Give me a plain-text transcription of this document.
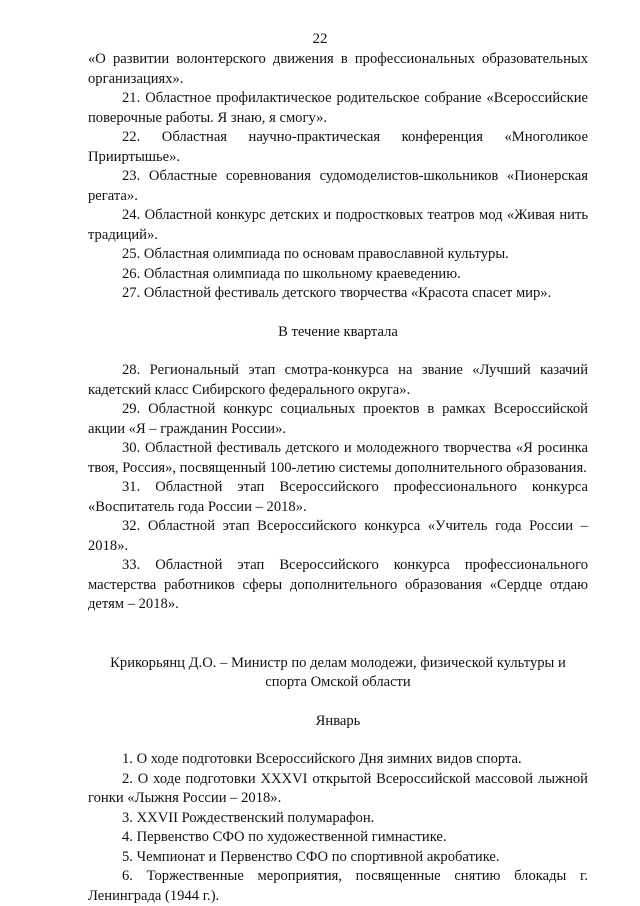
22

«О развитии волонтерского движения в профессиональных образовательных организациях».

21. Областное профилактическое родительское собрание «Всероссийские поверочные работы. Я знаю, я смогу».

22. Областная научно-практическая конференция «Многоликое Прииртышье».

23. Областные соревнования судомоделистов-школьников «Пионерская регата».

24. Областной конкурс детских и подростковых театров мод «Живая нить традиций».

25. Областная олимпиада по основам православной культуры.

26. Областная олимпиада по школьному краеведению.

27. Областной фестиваль детского творчества «Красота спасет мир».

В течение квартала

28. Региональный этап смотра-конкурса на звание «Лучший казачий кадетский класс Сибирского федерального округа».

29. Областной конкурс социальных проектов в рамках Всероссийской акции «Я – гражданин России».

30. Областной фестиваль детского и молодежного творчества «Я росинка твоя, Россия», посвященный 100-летию системы дополнительного образования.

31. Областной этап Всероссийского профессионального конкурса «Воспитатель года России – 2018».

32. Областной этап Всероссийского конкурса «Учитель года России – 2018».

33. Областной этап Всероссийского конкурса профессионального мастерства работников сферы дополнительного образования «Сердце отдаю детям – 2018».

Крикорьянц Д.О. – Министр по делам молодежи, физической культуры и

спорта Омской области

Январь

1. О ходе подготовки Всероссийского Дня зимних видов спорта.

2. О ходе подготовки XXXVI открытой Всероссийской массовой лыжной гонки «Лыжня России – 2018».

3. XXVII Рождественский полумарафон.

4. Первенство СФО по художественной гимнастике.

5. Чемпионат и Первенство СФО по спортивной акробатике.

6. Торжественные мероприятия, посвященные снятию блокады г. Ленинграда (1944 г.).
